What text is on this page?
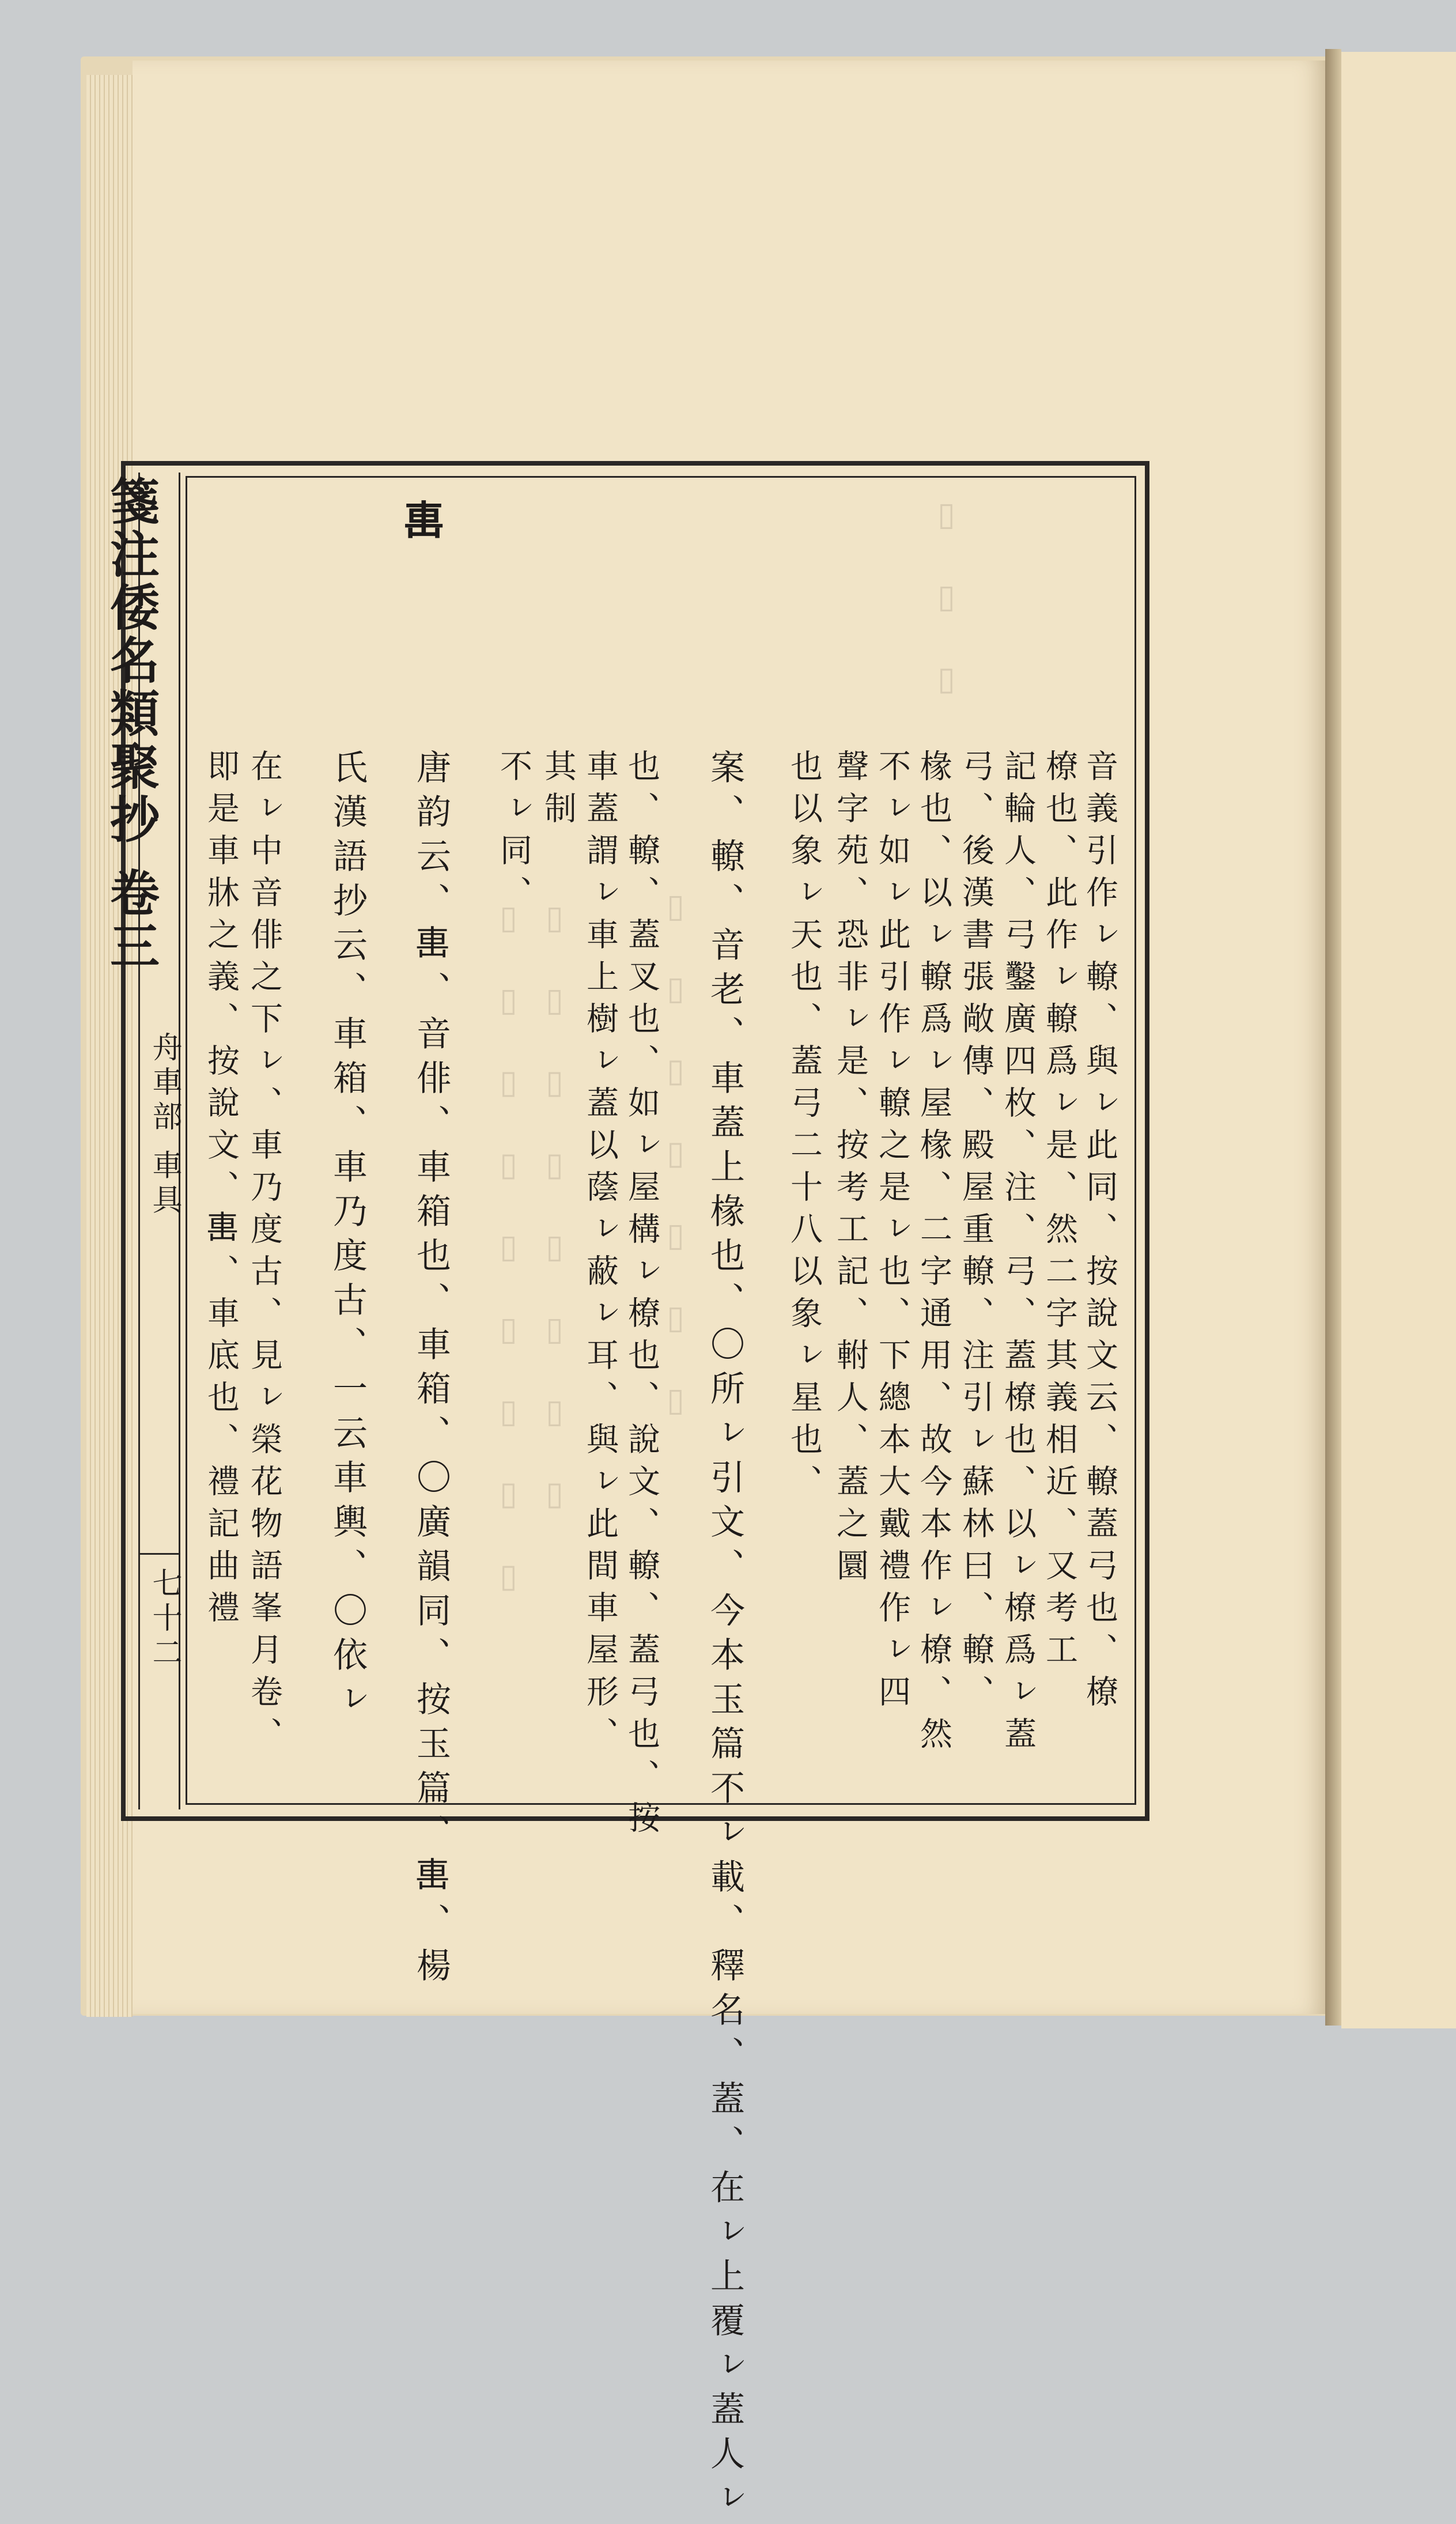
▯ ▯ ▯
▯ ▯ ▯ ▯ ▯ ▯ ▯
▯ ▯ ▯ ▯ ▯ ▯ ▯ ▯
▯ ▯ ▯ ▯ ▯ ▯ ▯ ▯ ▯
箋注倭名類聚抄 卷三
舟車部 車具
七十二
𨊥
音義引作ㇾ轑、與ㇾ此同、按說文云、轑蓋弓也、橑
橑也、此作ㇾ轑爲ㇾ是、然二字其義相近、又考工
記輪人、弓鑿廣四枚、注、弓、蓋橑也、以ㇾ橑爲ㇾ蓋
弓、後漢書張敞傳、殿屋重轑、注引ㇾ蘇林曰、轑、
椽也、以ㇾ轑爲ㇾ屋椽、二字通用、故今本作ㇾ橑、然
不ㇾ如ㇾ此引作ㇾ轑之是ㇾ也、下總本大戴禮作ㇾ四
聲字苑、恐非ㇾ是、按考工記、軵人、蓋之圜
也以象ㇾ天也、蓋弓二十八以象ㇾ星也、
案、轑、音老、車蓋上椽也、〇所ㇾ引文、今本玉篇不ㇾ載、釋名、蓋、在ㇾ上覆ㇾ蓋人ㇾ
也、轑、蓋叉也、如ㇾ屋構ㇾ橑也、說文、轑、蓋弓也、按
車蓋謂ㇾ車上樹ㇾ蓋以蔭ㇾ蔽ㇾ耳、與ㇾ此間車屋形、
其制
不ㇾ同、
唐韵云、𨊥、音俳、車箱也、車箱、〇廣韻同、按玉篇、𨊥、楊
氏漢語抄云、車箱、車乃度古、一云車輿、〇依ㇾ
在ㇾ中音俳之下ㇾ、車乃度古、見ㇾ榮花物語峯月卷、
即是車牀之義、按說文、𨊥、車底也、禮記曲禮
